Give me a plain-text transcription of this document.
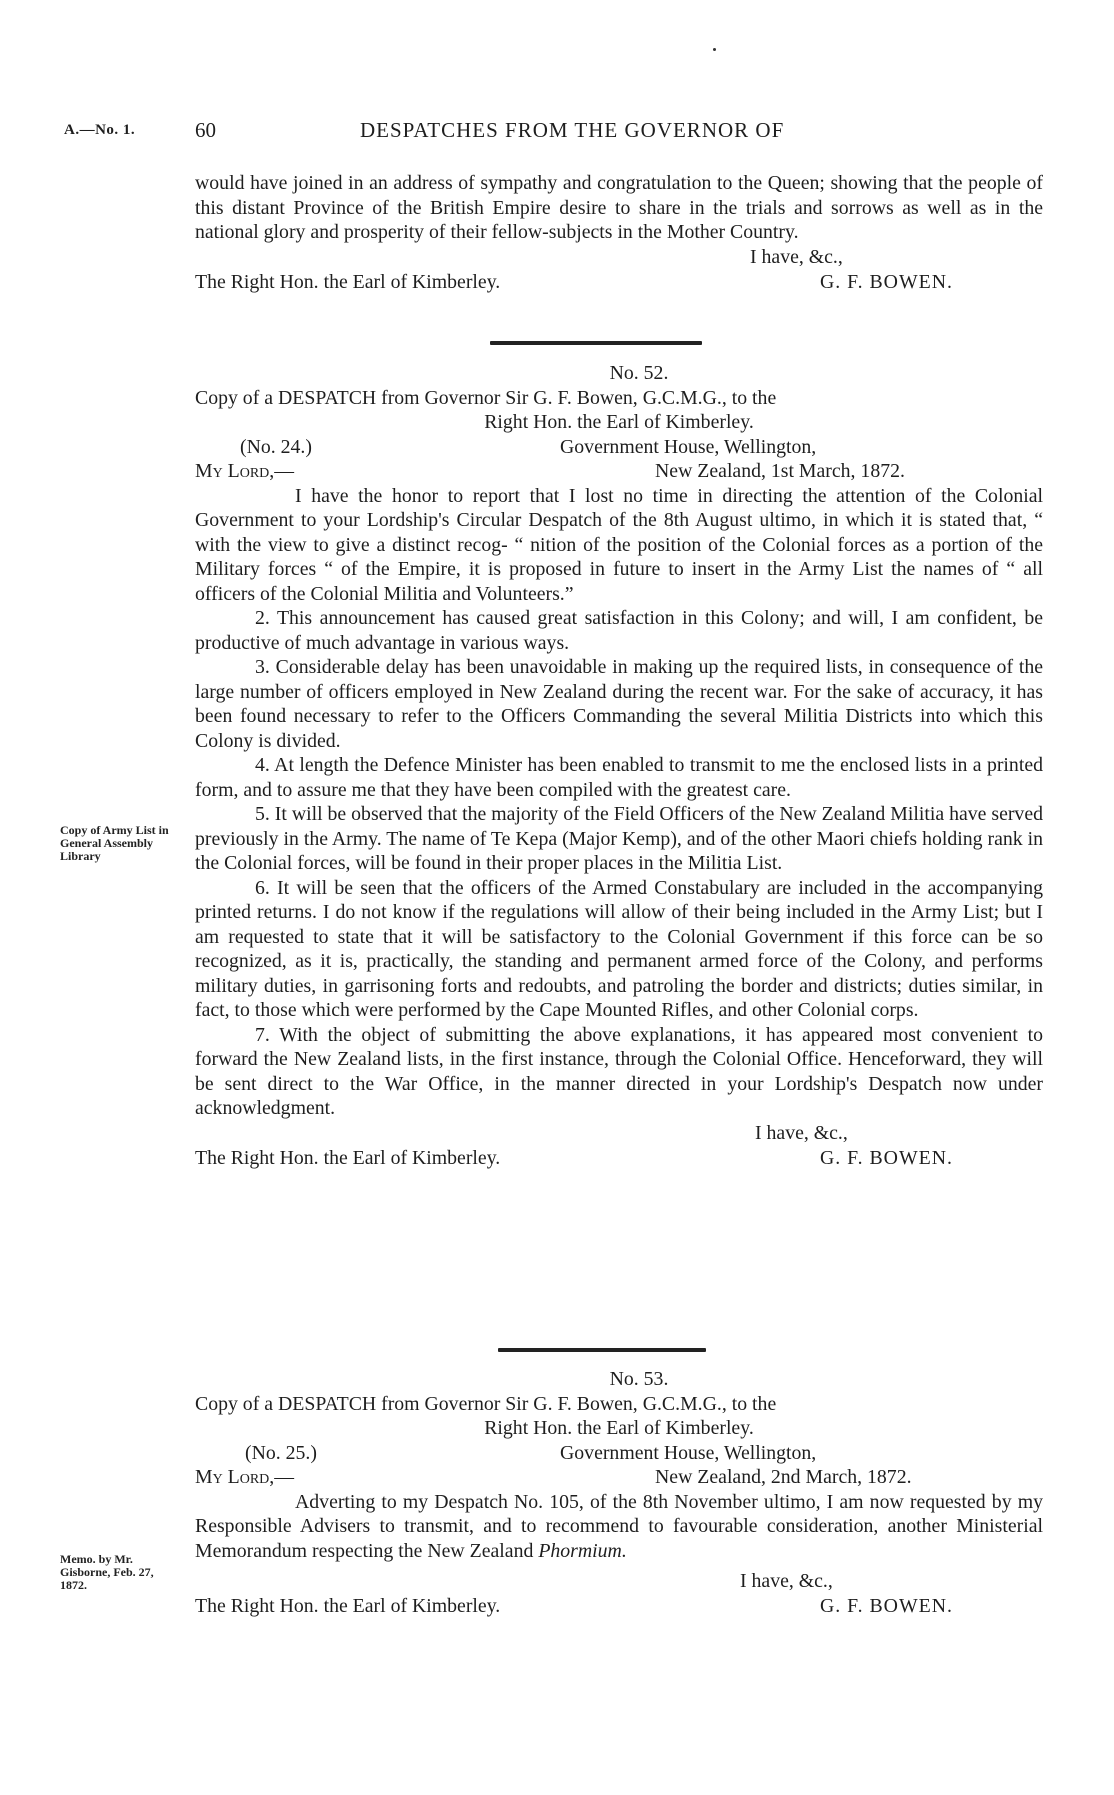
A.—No. 1.	60	DESPATCHES FROM THE GOVERNOR OF

would have joined in an address of sympathy and congratulation to the Queen; showing that the people of this distant Province of the British Empire desire to share in the trials and sorrows as well as in the national glory and prosperity of their fellow-subjects in the Mother Country.

I have, &c.,
The Right Hon. the Earl of Kimberley.	G. F. BOWEN.
No. 52.
Copy of a DESPATCH from Governor Sir G. F. Bowen, G.C.M.G., to the
Right Hon. the Earl of Kimberley.
(No. 24.)	Government House, Wellington,
My Lord,—	New Zealand, 1st March, 1872.

I have the honor to report that I lost no time in directing the attention of the Colonial Government to your Lordship's Circular Despatch of the 8th August ultimo, in which it is stated that, “ with the view to give a distinct recog- “ nition of the position of the Colonial forces as a portion of the Military forces “ of the Empire, it is proposed in future to insert in the Army List the names of “ all officers of the Colonial Militia and Volunteers.”

2. This announcement has caused great satisfaction in this Colony; and will, I am confident, be productive of much advantage in various ways.

3. Considerable delay has been unavoidable in making up the required lists, in consequence of the large number of officers employed in New Zealand during the recent war. For the sake of accuracy, it has been found necessary to refer to the Officers Commanding the several Militia Districts into which this Colony is divided.

4. At length the Defence Minister has been enabled to transmit to me the enclosed lists in a printed form, and to assure me that they have been compiled with the greatest care.

5. It will be observed that the majority of the Field Officers of the New Zealand Militia have served previously in the Army. The name of Te Kepa (Major Kemp), and of the other Maori chiefs holding rank in the Colonial forces, will be found in their proper places in the Militia List.

6. It will be seen that the officers of the Armed Constabulary are included in the accompanying printed returns. I do not know if the regulations will allow of their being included in the Army List; but I am requested to state that it will be satisfactory to the Colonial Government if this force can be so recognized, as it is, practically, the standing and permanent armed force of the Colony, and performs military duties, in garrisoning forts and redoubts, and patroling the border and districts; duties similar, in fact, to those which were performed by the Cape Mounted Rifles, and other Colonial corps.

7. With the object of submitting the above explanations, it has appeared most convenient to forward the New Zealand lists, in the first instance, through the Colonial Office. Henceforward, they will be sent direct to the War Office, in the manner directed in your Lordship's Despatch now under acknowledgment.

I have, &c.,
The Right Hon. the Earl of Kimberley.	G. F. BOWEN.
Copy of Army List in General Assembly Library
No. 53.
Copy of a DESPATCH from Governor Sir G. F. Bowen, G.C.M.G., to the
Right Hon. the Earl of Kimberley.
(No. 25.)	Government House, Wellington,
My Lord,—	New Zealand, 2nd March, 1872.

Adverting to my Despatch No. 105, of the 8th November ultimo, I am now requested by my Responsible Advisers to transmit, and to recommend to favourable consideration, another Ministerial Memorandum respecting the New Zealand Phormium.

I have, &c.,
The Right Hon. the Earl of Kimberley.	G. F. BOWEN.
Memo. by Mr. Gisborne, Feb. 27, 1872.
